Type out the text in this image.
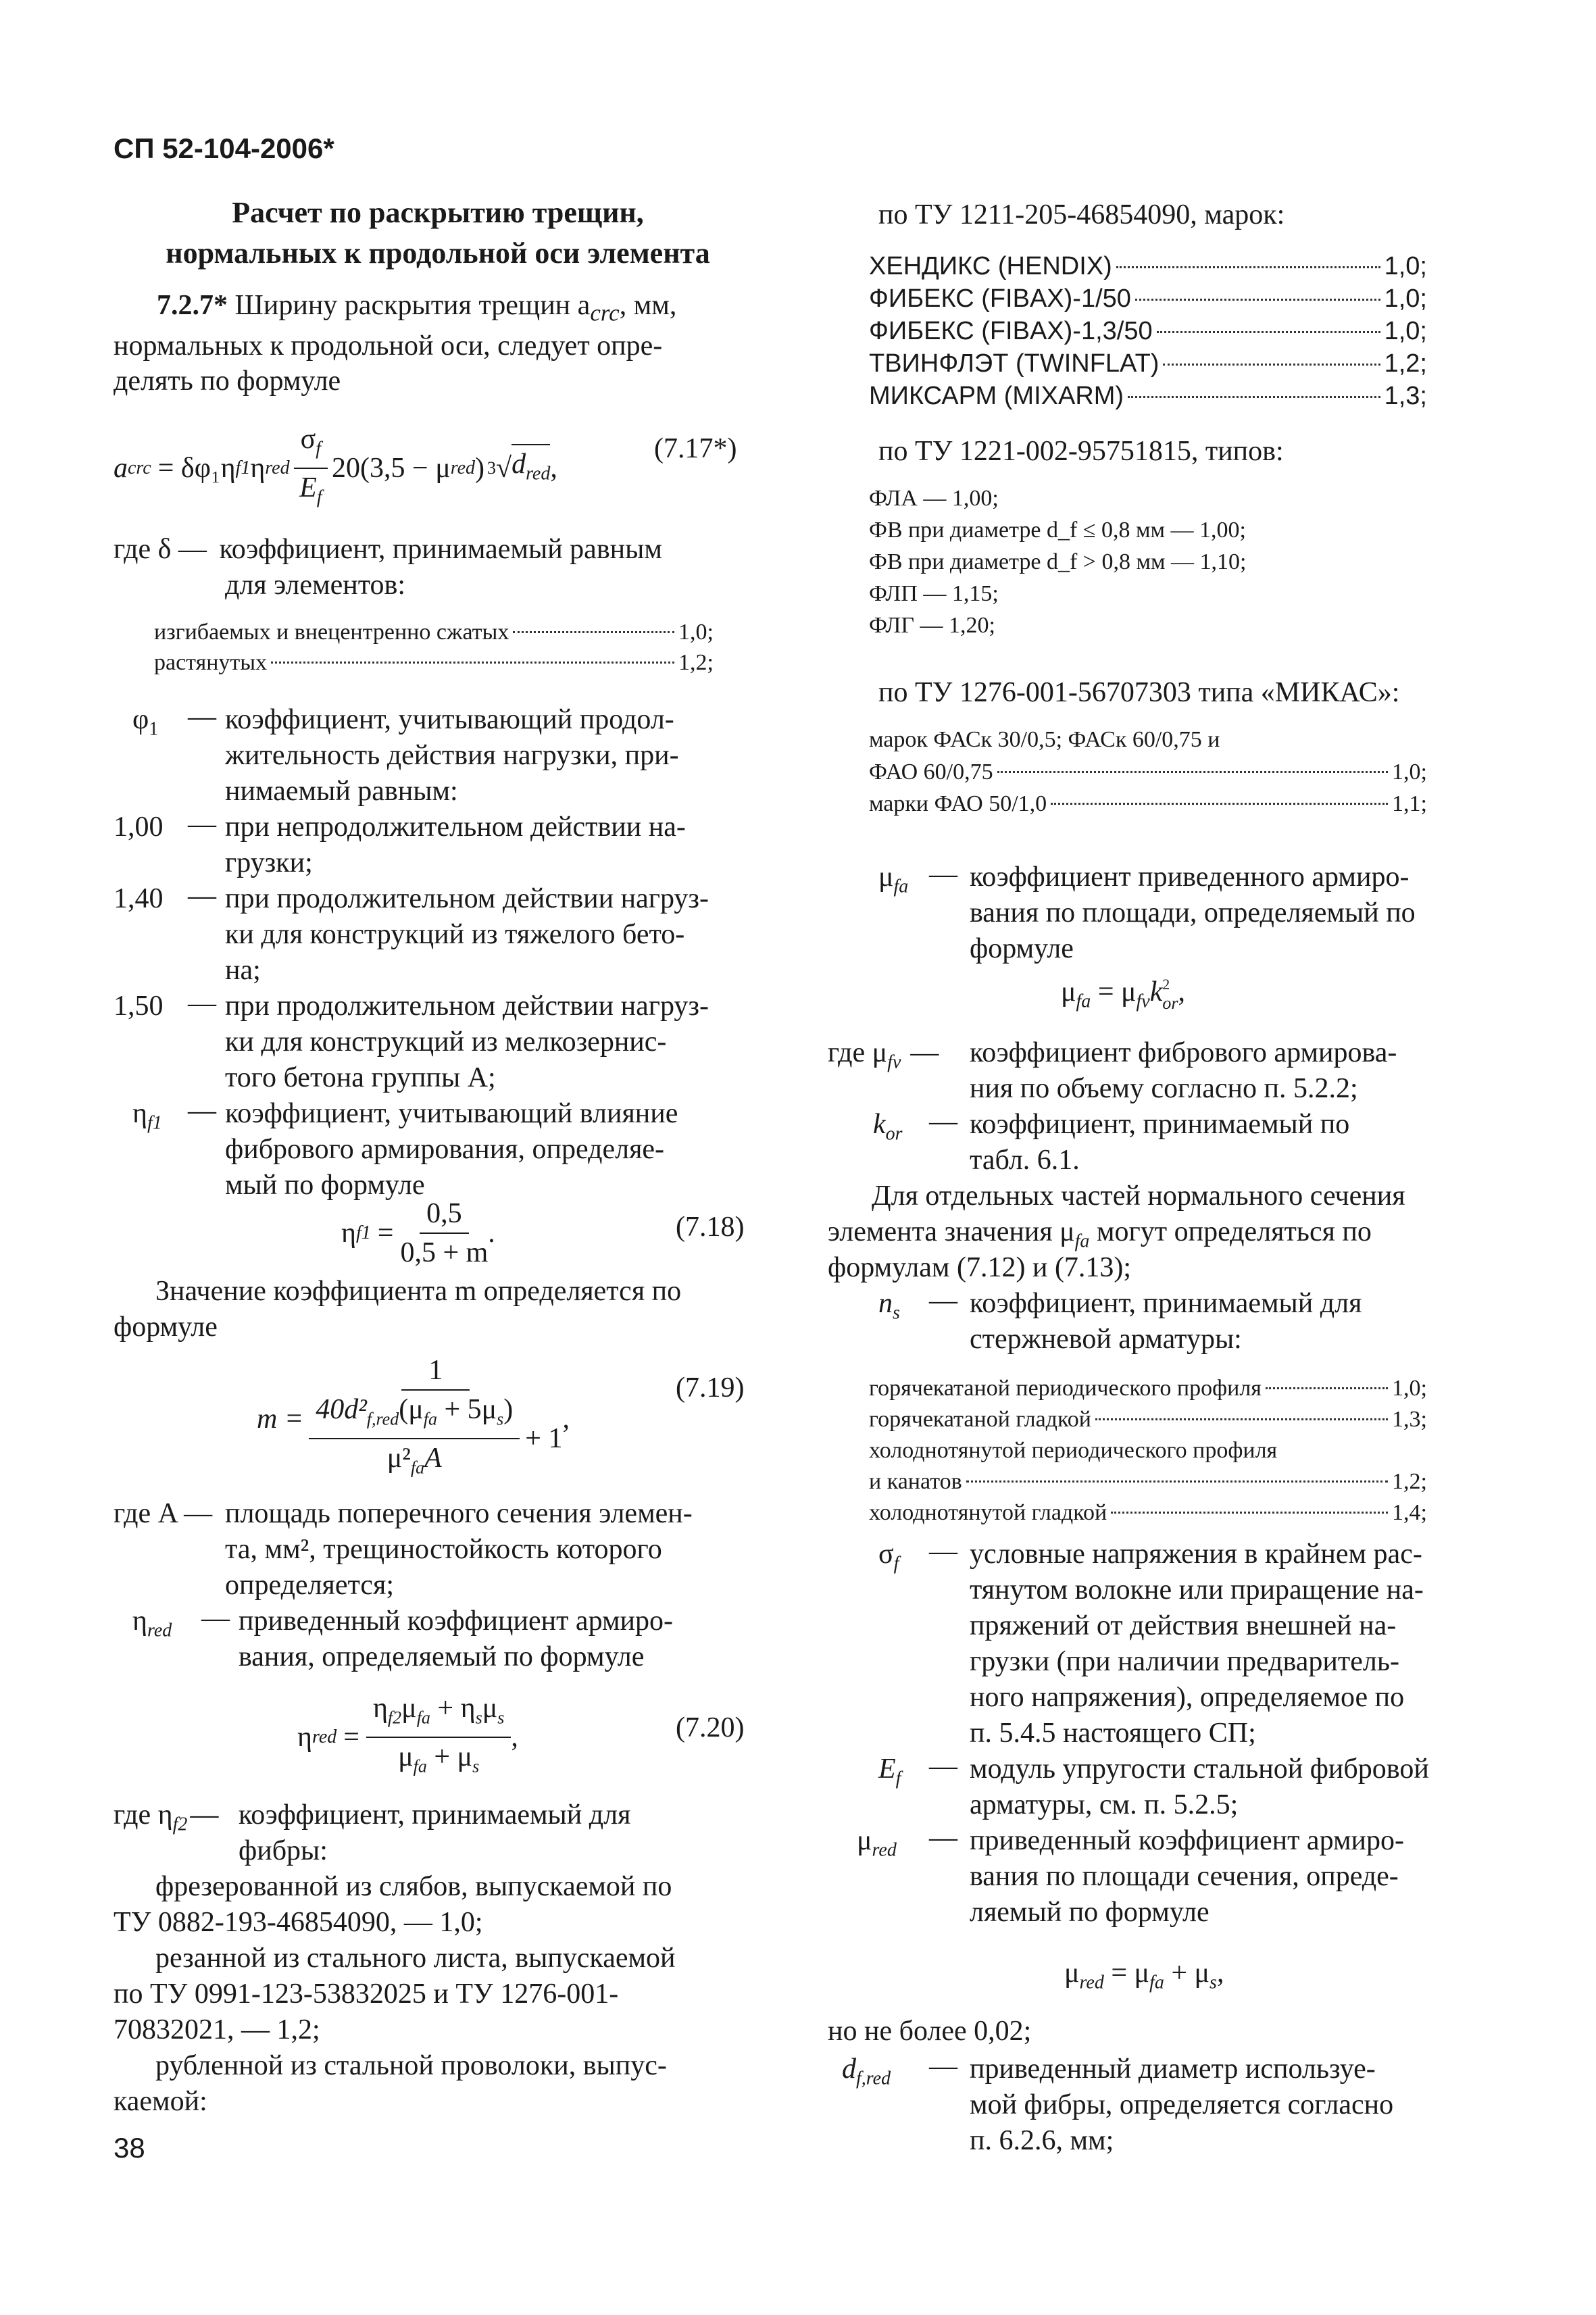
СП 52-104-2006*
Расчет по раскрытию трещин,
нормальных к продольной оси элемента
7.2.7* Ширину раскрытия трещин $a_{crc}$, мм,
нормальных к продольной оси, следует опре-
делять по формуле
a crc = δφ₁η f1 η red $\frac{\sigma_f}{E_f} 20(3,5 - \mu$ red ) 3 √ $d_{red}$ ,
(7.17*)
где δ — коэффициент, принимаемый равным
для элементов:
изгибаемых и внецентренно сжатых	1,0;
растянутых	1,2;
$\varphi_1$ — коэффициент, учитывающий продол-
жительность действия нагрузки, при-
нимаемый равным:
1,00 — при непродолжительном действии на-
грузки;
1,40 — при продолжительном действии нагруз-
ки для конструкций из тяжелого бето-
на;
1,50 — при продолжительном действии нагруз-
ки для конструкций из мелкозернис-
того бетона группы А;
$\eta_{f1}$ — коэффициент, учитывающий влияние
фибрового армирования, определяе-
мый по формуле
η $f1 = \frac{0,5}{0,5 + m}$ .	(7.18)
Значение коэффициента m определяется по
формуле
$m = \frac{1}{\frac{40d^2_{f,red}(\mu_{fa} + 5\mu_s)}{\mu^2_{fa}A} + 1}$ ,
(7.19)
где A — площадь поперечного сечения элемен-
та, мм², трещиностойкость которого
определяется;
$\eta_{red}$ — приведенный коэффициент армиро-
вания, определяемый по формуле
η red = $\frac{\eta_{f2}\mu_{fa} + \eta_s\mu_s}{\mu_{fa} + \mu_s}$ ,	(7.20)
где $\eta_{f2}—$ коэффициент, принимаемый для
фибры:
фрезерованной из слябов, выпускаемой по
ТУ 0882-193-46854090, — 1,0;
резанной из стального листа, выпускаемой
по ТУ 0991-123-53832025 и ТУ 1276-001-
70832021, — 1,2;
рубленной из стальной проволоки, выпус-
каемой:
38
по ТУ 1211-205-46854090, марок:
ХЕНДИКС (HENDIX)	1,0;
ФИБЕКС (FIBAX)-1/50	1,0;
ФИБЕКС (FIBAX)-1,3/50	1,0;
ТВИНФЛЭТ (TWINFLAT)	1,2;
МИКСАРМ (MIXARM)	1,3;
по ТУ 1221-002-95751815, типов:
ФЛА — 1,00;
ФВ при диаметре d_f ≤ 0,8 мм — 1,00;
ФВ при диаметре d_f > 0,8 мм — 1,10;
ФЛП — 1,15;
ФЛГ — 1,20;
по ТУ 1276-001-56707303 типа «МИКАС»:
марок ФАСк 30/0,5; ФАСк 60/0,75 и
ФАО 60/0,75	1,0;
марки ФАО 50/1,0	1,1;
$\mu_{fa}$ — коэффициент приведенного армиро-
вания по площади, определяемый по
формуле
$\mu_{fa} = \mu_{fv}k$ 2
or ,
где $\mu_{fv}$ — коэффициент фибрового армирова-
ния по объему согласно п. 5.2.2;
$k_{or}$ — коэффициент, принимаемый по
табл. 6.1.
Для отдельных частей нормального сечения
элемента значения $\mu_{fa}$ могут определяться по
формулам (7.12) и (7.13);
$n_s$ — коэффициент, принимаемый для
стержневой арматуры:
горячекатаной периодического профиля	1,0;
горячекатаной гладкой	1,3;
холоднотянутой периодического профиля
и канатов	1,2;
холоднотянутой гладкой	1,4;
$\sigma_f$ — условные напряжения в крайнем рас-
тянутом волокне или приращение на-
пряжений от действия внешней на-
грузки (при наличии предваритель-
ного напряжения), определяемое по
п. 5.4.5 настоящего СП;
$E_f$ — модуль упругости стальной фибровой
арматуры, см. п. 5.2.5;
$\mu_{red}$ — приведенный коэффициент армиро-
вания по площади сечения, опреде-
ляемый по формуле
$\mu_{red} = \mu_{fa} + \mu_s$,
но не более 0,02;
$d_{f,red}$ — приведенный диаметр используе-
мой фибры, определяется согласно
п. 6.2.6, мм;
